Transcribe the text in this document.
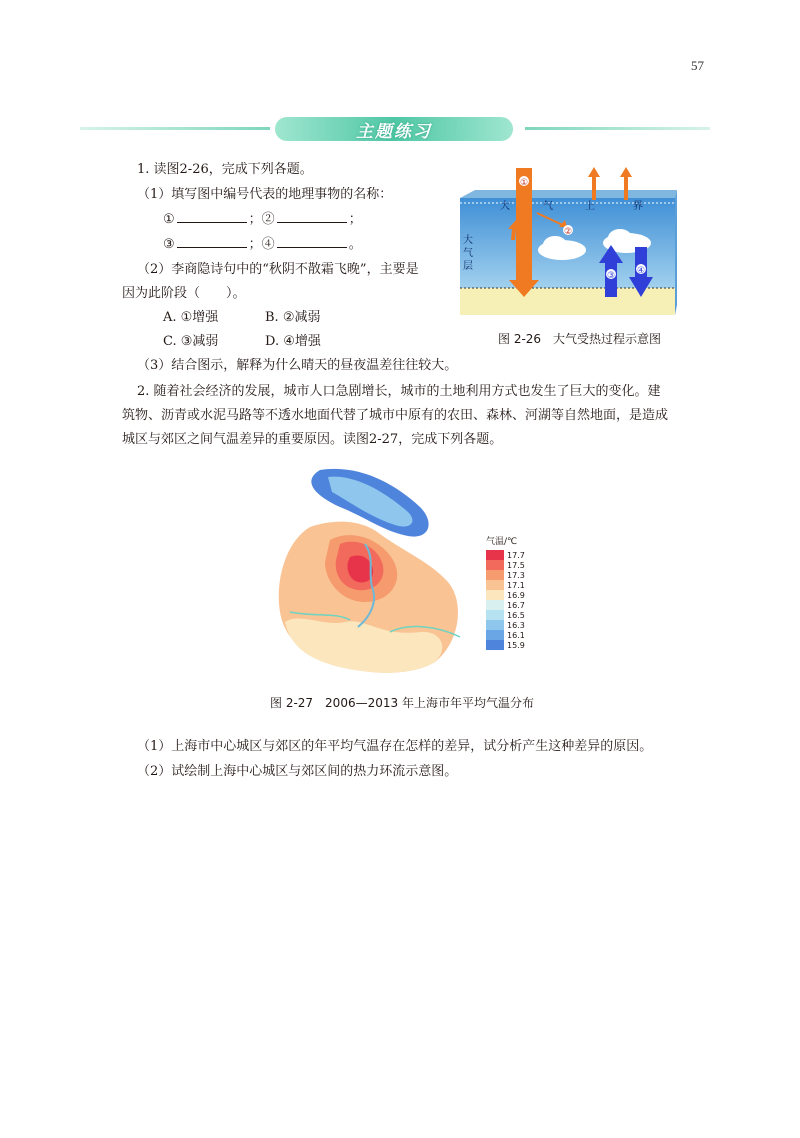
57
主题练习
1. 读图2-26，完成下列各题。
（1）填写图中编号代表的地理事物的名称：
①	；②	；
③	；④	。
（2）李商隐诗句中的“秋阴不散霜飞晚”，主要是
因为此阶段（　　）。
A. ①增强	B. ②减弱
C. ③减弱	D. ④增强
（3）结合图示，解释为什么晴天的昼夜温差往往较大。
大	气	上	界
大
气
层
①
②
③ ④
图 2-26　大气受热过程示意图
2. 随着社会经济的发展，城市人口急剧增长，城市的土地利用方式也发生了巨大的变化。建
筑物、沥青或水泥马路等不透水地面代替了城市中原有的农田、森林、河湖等自然地面，是造成
城区与郊区之间气温差异的重要原因。读图2-27，完成下列各题。
气温/℃
17.7
17.5
17.3
17.1
16.9
16.7
16.5
16.3
16.1
15.9
图 2-27　2006—2013 年上海市年平均气温分布
（1）上海市中心城区与郊区的年平均气温存在怎样的差异，试分析产生这种差异的原因。
（2）试绘制上海中心城区与郊区间的热力环流示意图。
